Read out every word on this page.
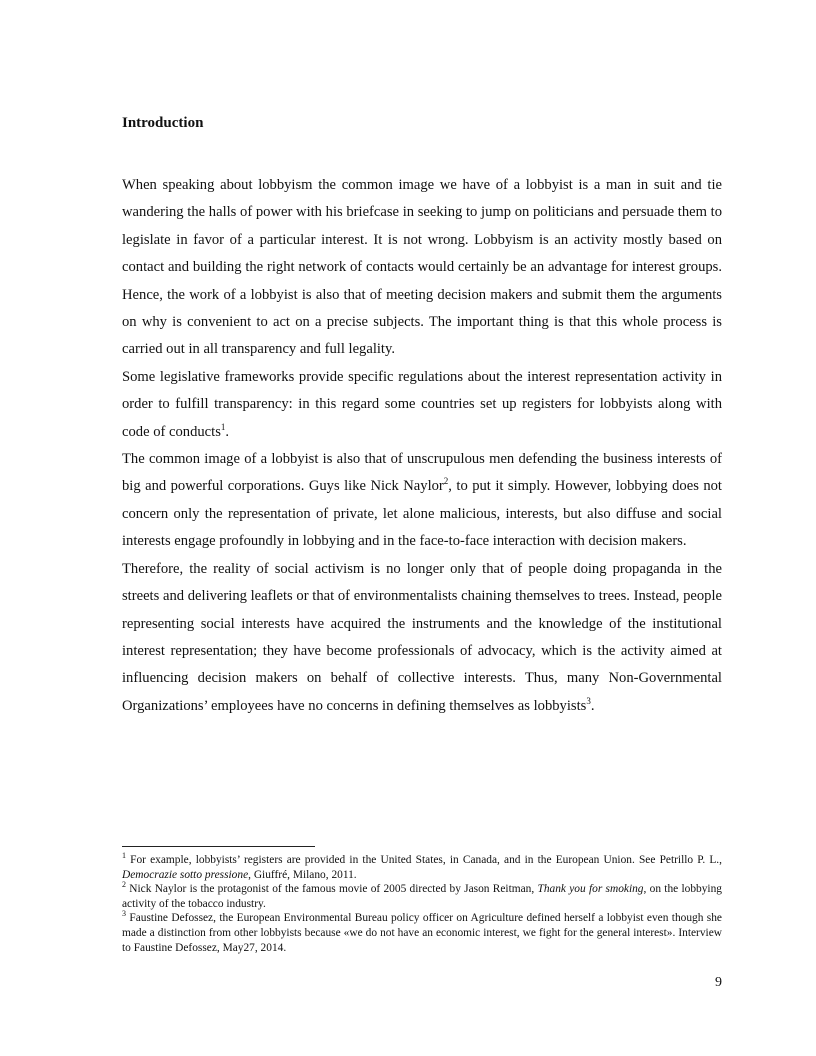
Introduction

When speaking about lobbyism the common image we have of a lobbyist is a man in suit and tie wandering the halls of power with his briefcase in seeking to jump on politicians and persuade them to legislate in favor of a particular interest. It is not wrong. Lobbyism is an activity mostly based on contact and building the right network of contacts would certainly be an advantage for interest groups. Hence, the work of a lobbyist is also that of meeting decision makers and submit them the arguments on why is convenient to act on a precise subjects. The important thing is that this whole process is carried out in all transparency and full legality.

Some legislative frameworks provide specific regulations about the interest representation activity in order to fulfill transparency: in this regard some countries set up registers for lobbyists along with code of conducts$^1$.

The common image of a lobbyist is also that of unscrupulous men defending the business interests of big and powerful corporations. Guys like Nick Naylor$^2$, to put it simply. However, lobbying does not concern only the representation of private, let alone malicious, interests, but also diffuse and social interests engage profoundly in lobbying and in the face-to-face interaction with decision makers.

Therefore, the reality of social activism is no longer only that of people doing propaganda in the streets and delivering leaflets or that of environmentalists chaining themselves to trees. Instead, people representing social interests have acquired the instruments and the knowledge of the institutional interest representation; they have become professionals of advocacy, which is the activity aimed at influencing decision makers on behalf of collective interests. Thus, many Non-Governmental Organizations’ employees have no concerns in defining themselves as lobbyists$^3$.

$^1$ For example, lobbyists’ registers are provided in the United States, in Canada, and in the European Union. See Petrillo P. L., Democrazie sotto pressione, Giuffré, Milano, 2011.

$^2$ Nick Naylor is the protagonist of the famous movie of 2005 directed by Jason Reitman, Thank you for smoking, on the lobbying activity of the tobacco industry.

$^3$ Faustine Defossez, the European Environmental Bureau policy officer on Agriculture defined herself a lobbyist even though she made a distinction from other lobbyists because «we do not have an economic interest, we fight for the general interest». Interview to Faustine Defossez, May27, 2014.

9
